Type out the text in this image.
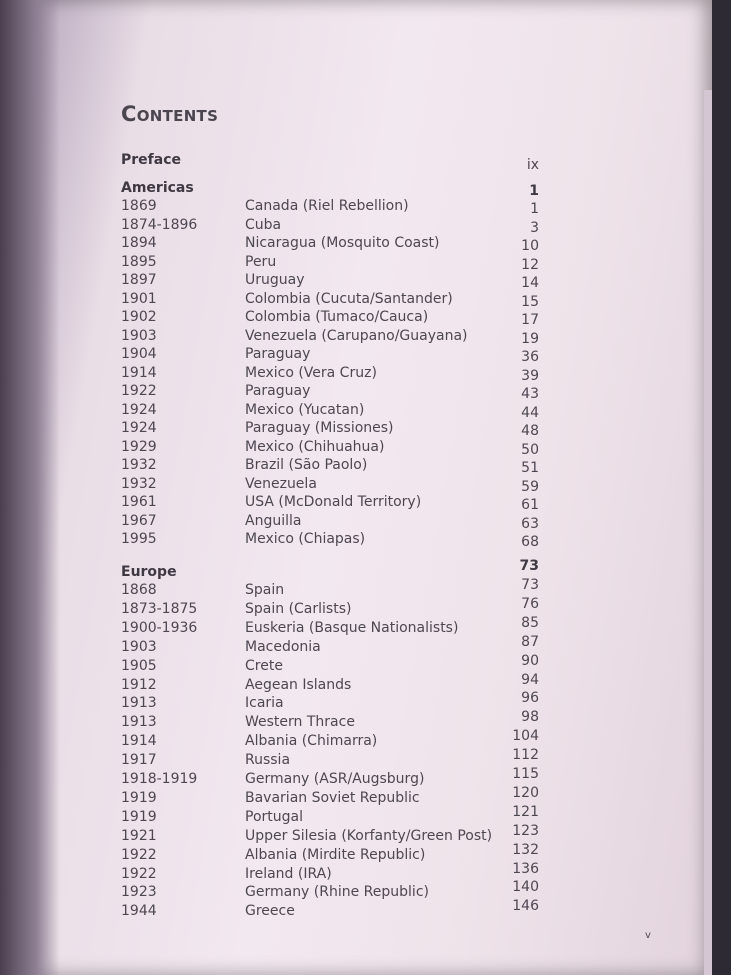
Contents
Preface	ix
Americas	1
1869	Canada (Riel Rebellion)	1
1874-1896	Cuba	3
1894	Nicaragua (Mosquito Coast)	10
1895	Peru	12
1897	Uruguay	14
1901	Colombia (Cucuta/Santander)	15
1902	Colombia (Tumaco/Cauca)	17
1903	Venezuela (Carupano/Guayana)	19
1904	Paraguay	36
1914	Mexico (Vera Cruz)	39
1922	Paraguay	43
1924	Mexico (Yucatan)	44
1924	Paraguay (Missiones)	48
1929	Mexico (Chihuahua)	50
1932	Brazil (São Paolo)	51
1932	Venezuela	59
1961	USA (McDonald Territory)	61
1967	Anguilla	63
1995	Mexico (Chiapas)	68
Europe	73
1868	Spain	73
1873-1875	Spain (Carlists)	76
1900-1936	Euskeria (Basque Nationalists)	85
1903	Macedonia	87
1905	Crete	90
1912	Aegean Islands	94
1913	Icaria	96
1913	Western Thrace	98
1914	Albania (Chimarra)	104
1917	Russia	112
1918-1919	Germany (ASR/Augsburg)	115
1919	Bavarian Soviet Republic	120
1919	Portugal	121
1921	Upper Silesia (Korfanty/Green Post) 123
1922	Albania (Mirdite Republic)	132
1922	Ireland (IRA)	136
1923	Germany (Rhine Republic)	140
1944	Greece	146
v
